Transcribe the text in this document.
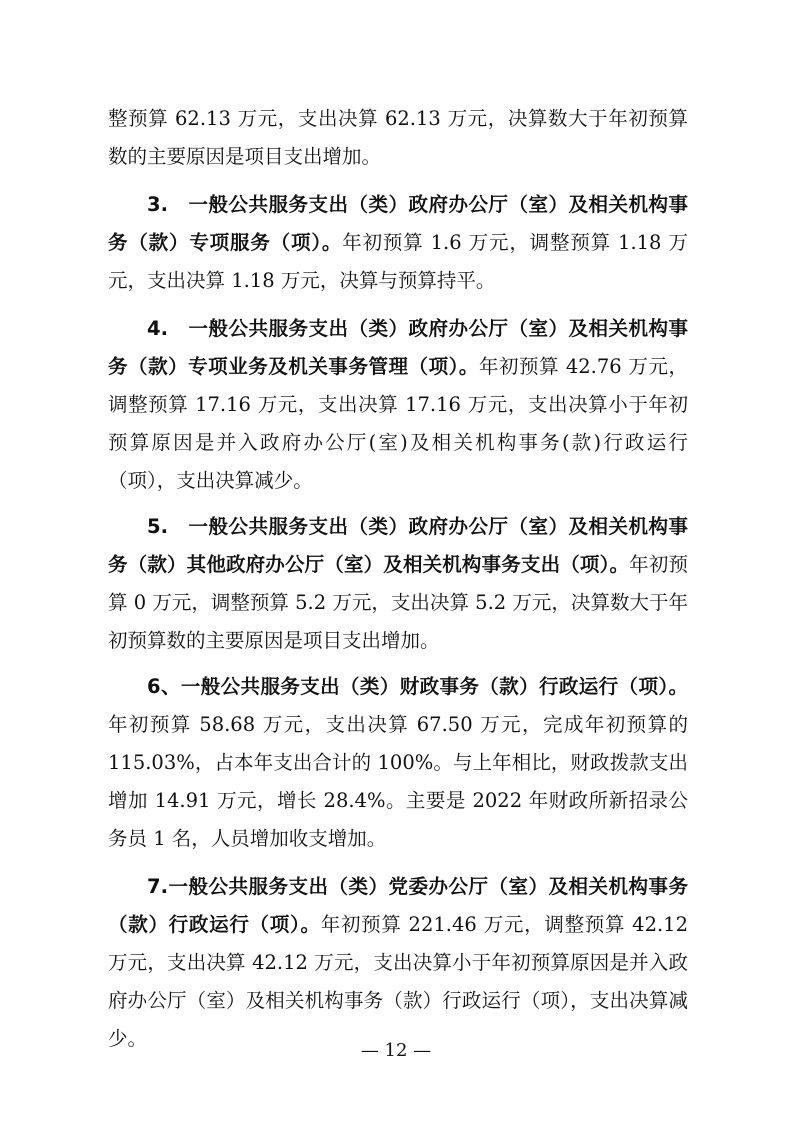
整预算 62.13 万元，支出决算 62.13 万元，决算数大于年初预算数的主要原因是项目支出增加。

3.　一般公共服务支出（类）政府办公厅（室）及相关机构事务（款）专项服务（项）。年初预算 1.6 万元，调整预算 1.18 万元，支出决算 1.18 万元，决算与预算持平。

4.　一般公共服务支出（类）政府办公厅（室）及相关机构事务（款）专项业务及机关事务管理（项）。年初预算 42.76 万元，调整预算 17.16 万元，支出决算 17.16 万元，支出决算小于年初预算原因是并入政府办公厅(室)及相关机构事务(款)行政运行（项），支出决算减少。

5.　一般公共服务支出（类）政府办公厅（室）及相关机构事务（款）其他政府办公厅（室）及相关机构事务支出（项）。年初预算 0 万元，调整预算 5.2 万元，支出决算 5.2 万元，决算数大于年初预算数的主要原因是项目支出增加。

6、一般公共服务支出（类）财政事务（款）行政运行（项）。年初预算 58.68 万元，支出决算 67.50 万元，完成年初预算的 115.03%，占本年支出合计的 100%。与上年相比，财政拨款支出增加 14.91 万元，增长 28.4%。主要是 2022 年财政所新招录公务员 1 名，人员增加收支增加。

7.一般公共服务支出（类）党委办公厅（室）及相关机构事务（款）行政运行（项）。年初预算 221.46 万元，调整预算 42.12 万元，支出决算 42.12 万元，支出决算小于年初预算原因是并入政府办公厅（室）及相关机构事务（款）行政运行（项），支出决算减少。

— 12 —
